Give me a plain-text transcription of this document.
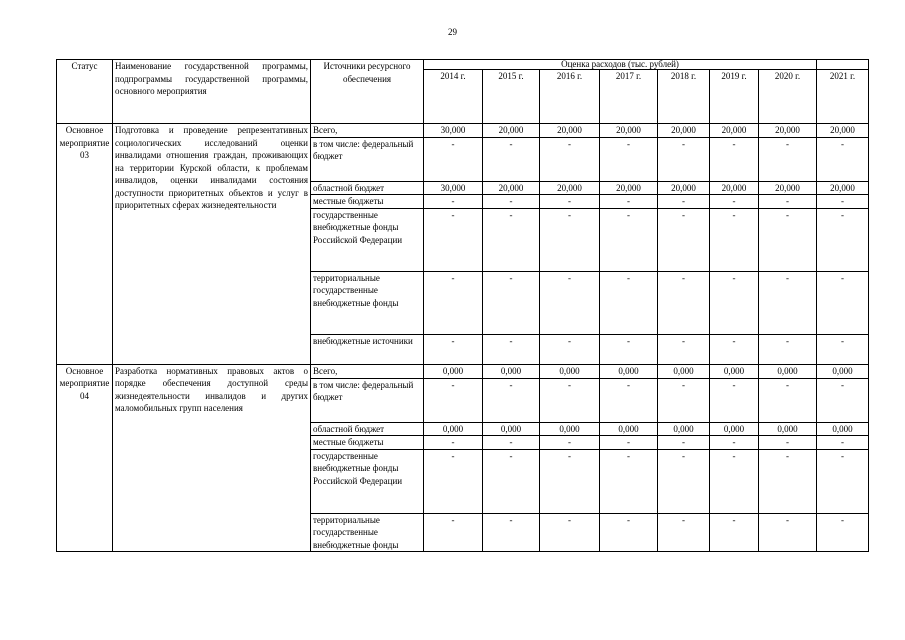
29
Статус	Наименование государственной программы, подпрограммы государственной программы, основного мероприятия	Источники ресурсного обеспечения	Оценка расходов (тыс. рублей)							
			2014 г.	2015 г.	2016 г.	2017 г.	2018 г.	2019 г.	2020 г.	2021 г.
Основное мероприятие 03	Подготовка и проведение репрезентативных социологических исследований оценки инвалидами отношения граждан, проживающих на территории Курской области, к проблемам инвалидов, оценки инвалидами состояния доступности приоритетных объектов и услуг в приоритетных сферах жизнедеятельности	Всего,	30,000	20,000	20,000	20,000	20,000	20,000	20,000	20,000
		в том числе: федеральный бюджет	-	-	-	-	-	-	-	-
		областной бюджет	30,000	20,000	20,000	20,000	20,000	20,000	20,000	20,000
		местные бюджеты	-	-	-	-	-	-	-	-
		государственные внебюджетные фонды Российской Федерации	-	-	-	-	-	-	-	-
		территориальные государственные внебюджетные фонды	-	-	-	-	-	-	-	-
		внебюджетные источники	-	-	-	-	-	-	-	-
Основное мероприятие 04	Разработка нормативных правовых актов о порядке обеспечения доступной среды жизнедеятельности инвалидов и других маломобильных групп населения	Всего,	0,000	0,000	0,000	0,000	0,000	0,000	0,000	0,000
		в том числе: федеральный бюджет	-	-	-	-	-	-	-	-
		областной бюджет	0,000	0,000	0,000	0,000	0,000	0,000	0,000	0,000
		местные бюджеты	-	-	-	-	-	-	-	-
		государственные внебюджетные фонды Российской Федерации	-	-	-	-	-	-	-	-
		территориальные государственные внебюджетные фонды	-	-	-	-	-	-	-	-
